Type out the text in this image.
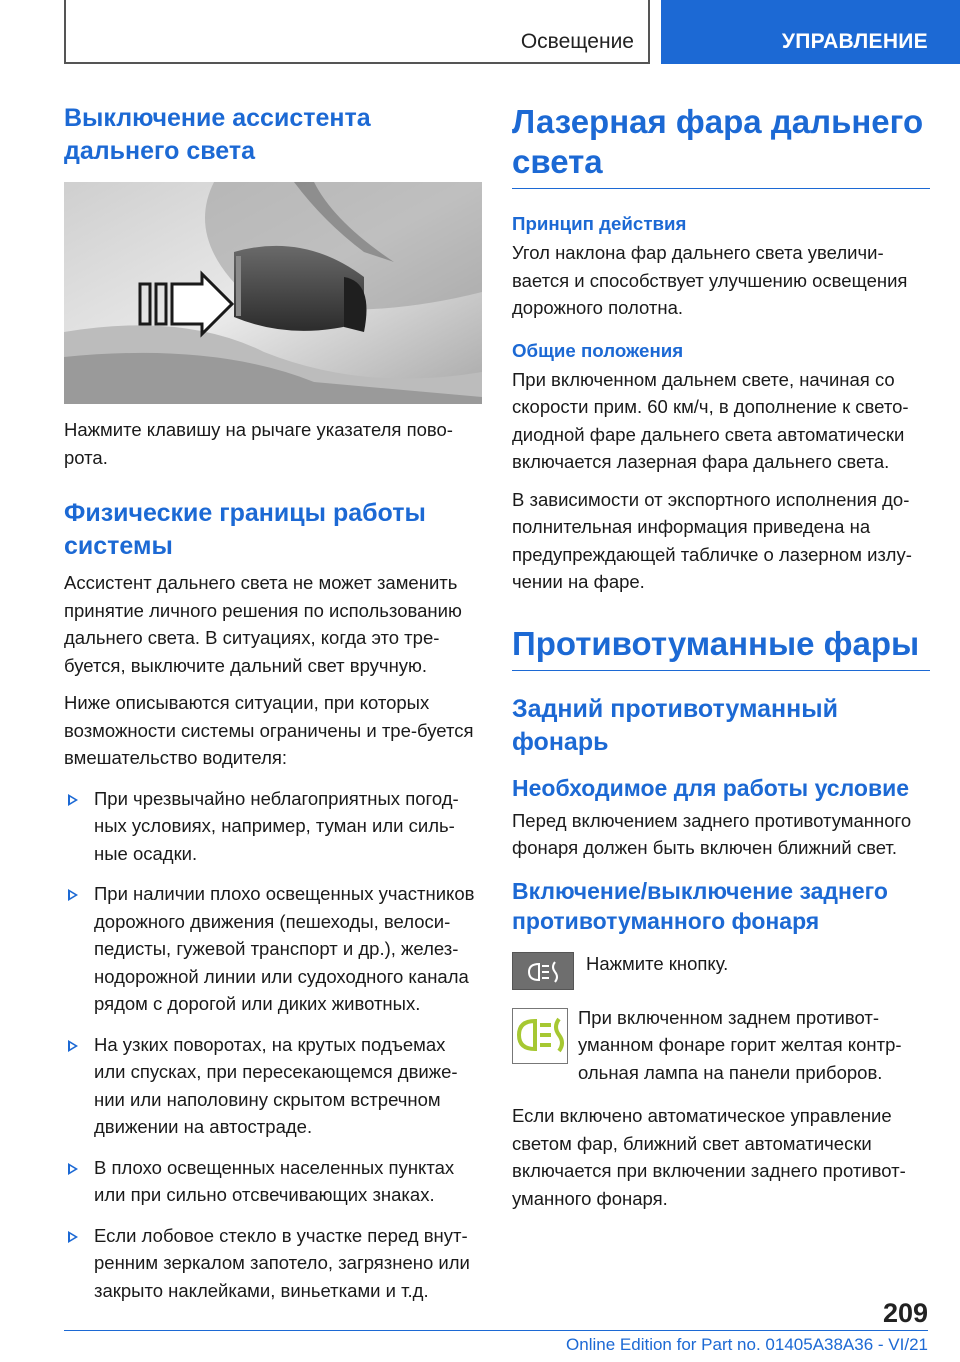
Освещение	УПРАВЛЕНИЕ
Выключение ассистента дальнего света

Нажмите клавишу на рычаге указателя пово-рота.

Физические границы работы системы

Ассистент дальнего света не может заменить принятие личного решения по использованию дальнего света. В ситуациях, когда это тре-буется, выключите дальний свет вручную.

Ниже описываются ситуации, при которых возможности системы ограничены и тре-буется вмешательство водителя:

При чрезвычайно неблагоприятных погод-ных условиях, например, туман или силь-ные осадки.
При наличии плохо освещенных участников дорожного движения (пешеходы, велоси-педисты, гужевой транспорт и др.), желез-нодорожной линии или судоходного канала рядом с дорогой или диких животных.
На узких поворотах, на крутых подъемах или спусках, при пересекающемся движе-нии или наполовину скрытом встречном движении на автостраде.
В плохо освещенных населенных пунктах или при сильно отсвечивающих знаках.
Если лобовое стекло в участке перед внут-ренним зеркалом запотело, загрязнено или закрыто наклейками, виньетками и т.д.
Лазерная фара дальнего света
Принцип действия

Угол наклона фар дальнего света увеличи-вается и способствует улучшению освещения дорожного полотна.

Общие положения

При включенном дальнем свете, начиная со скорости прим. 60 км/ч, в дополнение к свето-диодной фаре дальнего света автоматически включается лазерная фара дальнего света.

В зависимости от экспортного исполнения до-полнительная информация приведена на предупреждающей табличке о лазерном излу-чении на фаре.

Противотуманные фары
Задний противотуманный фонарь
Необходимое для работы условие

Перед включением заднего противотуманного фонаря должен быть включен ближний свет.

Включение/выключение заднего противотуманного фонаря

Нажмите кнопку.

При включенном заднем противот-уманном фонаре горит желтая контр-ольная лампа на панели приборов.

Если включено автоматическое управление светом фар, ближний свет автоматически включается при включении заднего противот-уманного фонаря.

209
Online Edition for Part no. 01405A38A36 - VI/21
